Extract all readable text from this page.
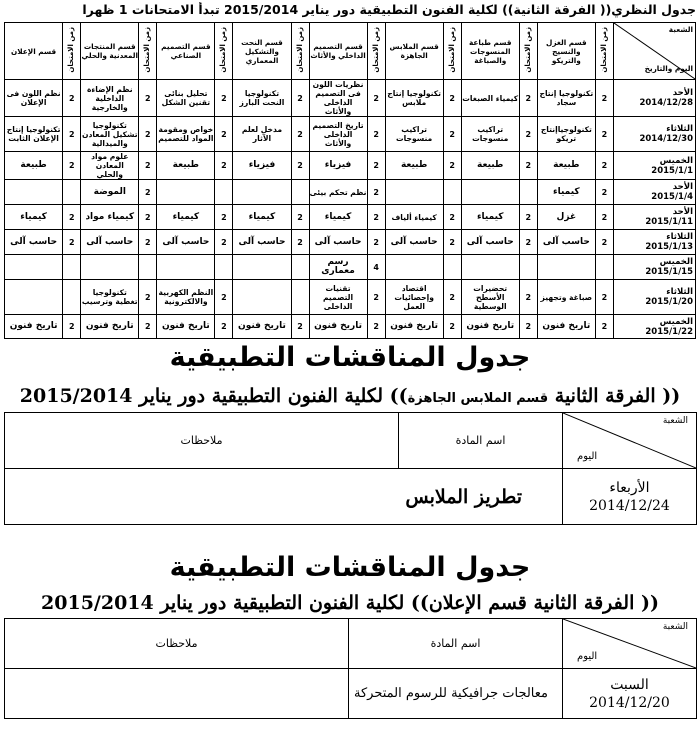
جدول النظري(( الفرقة الثانية)) لكلية الفنون التطبيقية دور يناير 2015/2014 تبدأ الامتحانات 1 ظهرا
الشعبة
اليوم والتاريخ	زمن الامتحان	قسم الغزل والنسيج والتريكو	زمن الامتحان	قسم طباعة المنسوجات والصباغة	زمن الامتحان	قسم الملابس الجاهزة	زمن الامتحان	قسم التصميم الداخلي والأثاث	زمن الامتحان	قسم النحت والتشكيل المعماري	زمن الامتحان	قسم التصميم الصناعي	زمن الامتحان	قسم المنتجات المعدنية والحلي	زمن الامتحان	قسم الإعلان

الأحد
2014/12/28	2	تكنولوجيا إنتاج سجاد	2	كيمياء الصبغات	2	تكنولوجيا إنتاج ملابس	2	نظريات اللون فى التصميم الداخلى والأثاث	2	تكنولوجيا النحت البارز	2	تحليل بنائى تقنين الشكل	2	نظم الإضاءة الداخلية والخارجية	2	نظم اللون فى الإعلان

الثلاثاء
2014/12/30	2	تكنولوجياإنتاج تريكو	2	تراكيب منسوجات	2	تراكيب منسوجات	2	تاريخ التصميم الداخلى والأثاث	2	مدخل لعلم الآثار	2	خواص ومقومة المواد للتصميم	2	تكنولوجيا تشكيل المعادن والميدالية	2	تكنولوجيا إنتاج الإعلان الثابت

الخميس
2015/1/1	2	طبيعة	2	طبيعة	2	طبيعة	2	فيزياء	2	فيزياء	2	طبيعة	2	علوم مواد المعادن والحلي	2	طبيعة

الأحد
2015/1/4	2	كيمياء					2	نظم تحكم بيئى					2	الموضة		

الأحد
2015/1/11	2	غزل	2	كيمياء	2	كيمياء ألياف	2	كيمياء	2	كيمياء	2	كيمياء	2	كيمياء مواد	2	كيمياء

الثلاثاء
2015/1/13	2	حاسب آلى	2	حاسب آلى	2	حاسب آلى	2	حاسب آلى	2	حاسب آلى	2	حاسب آلى	2	حاسب آلى	2	حاسب آلى

الخميس
2015/1/15							4	رسم معمارى								

الثلاثاء
2015/1/20	2	صباغة وتجهيز	2	تحضيرات الأسطح الوسطية	2	اقتصاد وإحصائيات العمل	2	تقنيات التصميم الداخلى			2	النظم الكهربية والالكترونية	2	تكنولوجيا تغطية وترسيب		

الخميس
2015/1/22	2	تاريخ فنون	2	تاريخ فنون	2	تاريخ فنون	2	تاريخ فنون	2	تاريخ فنون	2	تاريخ فنون	2	تاريخ فنون	2	تاريخ فنون
جدول المناقشات التطبيقية
(( الفرقة الثانية قسم الملابس الجاهزة)) لكلية الفنون التطبيقية دور يناير 2015/2014
الشعبة
اليوم	اسم المادة	ملاحظات
الأربعاء
2014/12/24	تطريز الملابس	
جدول المناقشات التطبيقية
(( الفرقة الثانية قسم الإعلان)) لكلية الفنون التطبيقية دور يناير 2015/2014
الشعبة
اليوم	اسم المادة	ملاحظات
السبت
2014/12/20	معالجات جرافيكية للرسوم المتحركة	
